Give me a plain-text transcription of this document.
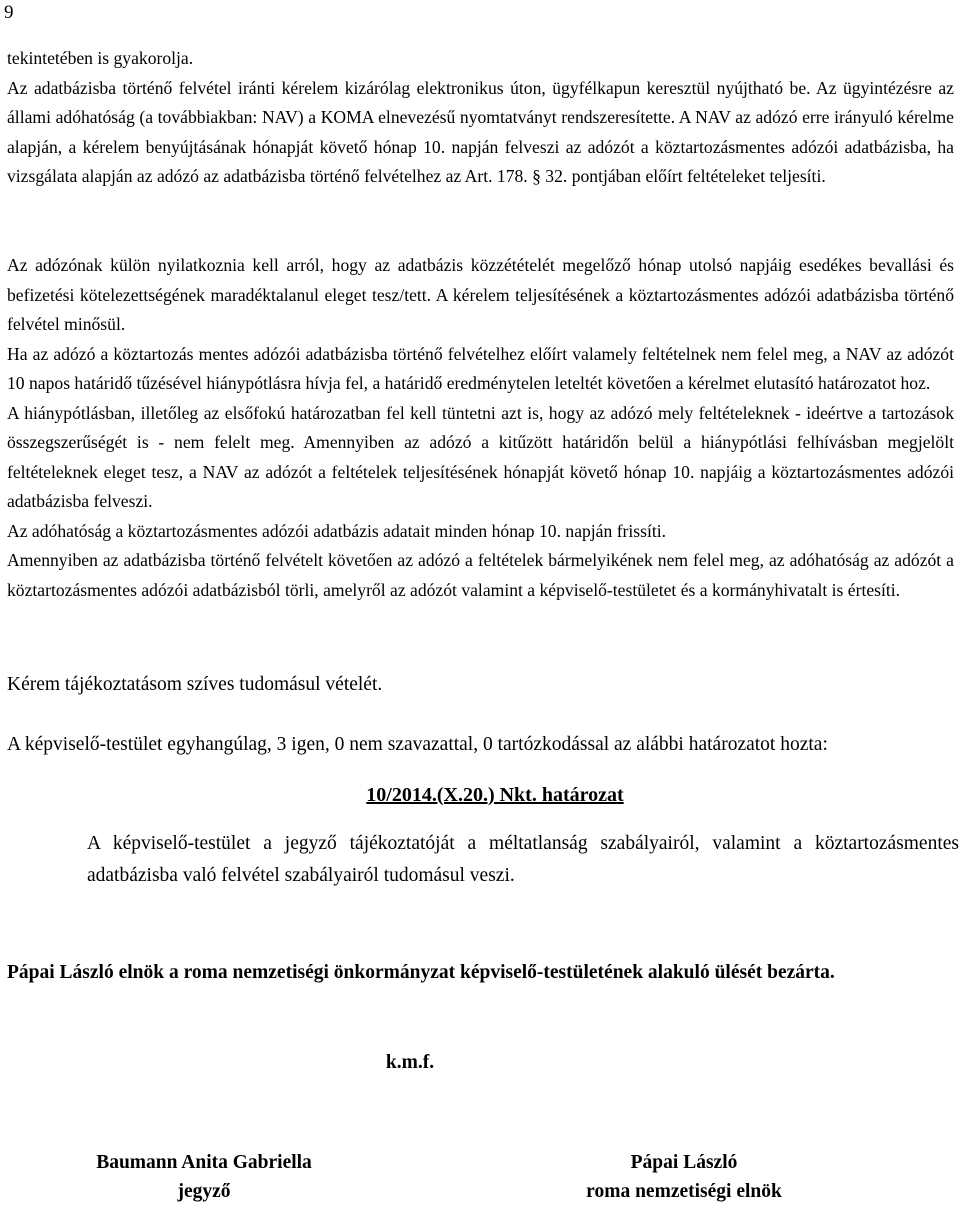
9

tekintetében is gyakorolja.

Az adatbázisba történő felvétel iránti kérelem kizárólag elektronikus úton, ügyfélkapun keresztül nyújtható be. Az ügyintézésre az állami adóhatóság (a továbbiakban: NAV) a KOMA elnevezésű nyomtatványt rendszeresítette. A NAV az adózó erre irányuló kérelme alapján, a kérelem benyújtásának hónapját követő hónap 10. napján felveszi az adózót a köztartozásmentes adózói adatbázisba, ha vizsgálata alapján az adózó az adatbázisba történő felvételhez az Art. 178. § 32. pontjában előírt feltételeket teljesíti.

Az adózónak külön nyilatkoznia kell arról, hogy az adatbázis közzétételét megelőző hónap utolsó napjáig esedékes bevallási és befizetési kötelezettségének maradéktalanul eleget tesz/tett. A kérelem teljesítésének a köztartozásmentes adózói adatbázisba történő felvétel minősül.

Ha az adózó a köztartozás mentes adózói adatbázisba történő felvételhez előírt valamely feltételnek nem felel meg, a NAV az adózót 10 napos határidő tűzésével hiánypótlásra hívja fel, a határidő eredménytelen leteltét követően a kérelmet elutasító határozatot hoz.

A hiánypótlásban, illetőleg az elsőfokú határozatban fel kell tüntetni azt is, hogy az adózó mely feltételeknek - ideértve a tartozások összegszerűségét is - nem felelt meg. Amennyiben az adózó a kitűzött határidőn belül a hiánypótlási felhívásban megjelölt feltételeknek eleget tesz, a NAV az adózót a feltételek teljesítésének hónapját követő hónap 10. napjáig a köztartozásmentes adózói adatbázisba felveszi.

Az adóhatóság a köztartozásmentes adózói adatbázis adatait minden hónap 10. napján frissíti.

Amennyiben az adatbázisba történő felvételt követően az adózó a feltételek bármelyikének nem felel meg, az adóhatóság az adózót a köztartozásmentes adózói adatbázisból törli, amelyről az adózót valamint a képviselő-testületet és a kormányhivatalt is értesíti.

Kérem tájékoztatásom szíves tudomásul vételét.

A képviselő-testület egyhangúlag, 3 igen, 0 nem szavazattal, 0 tartózkodással az alábbi határozatot hozta:

10/2014.(X.20.) Nkt. határozat

A képviselő-testület a jegyző tájékoztatóját a méltatlanság szabályairól, valamint a köztartozásmentes adatbázisba való felvétel szabályairól tudomásul veszi.

Pápai László elnök a roma nemzetiségi önkormányzat képviselő-testületének alakuló ülését bezárta.

k.m.f.
Baumann Anita Gabriella
jegyző
Pápai László
roma nemzetiségi elnök
